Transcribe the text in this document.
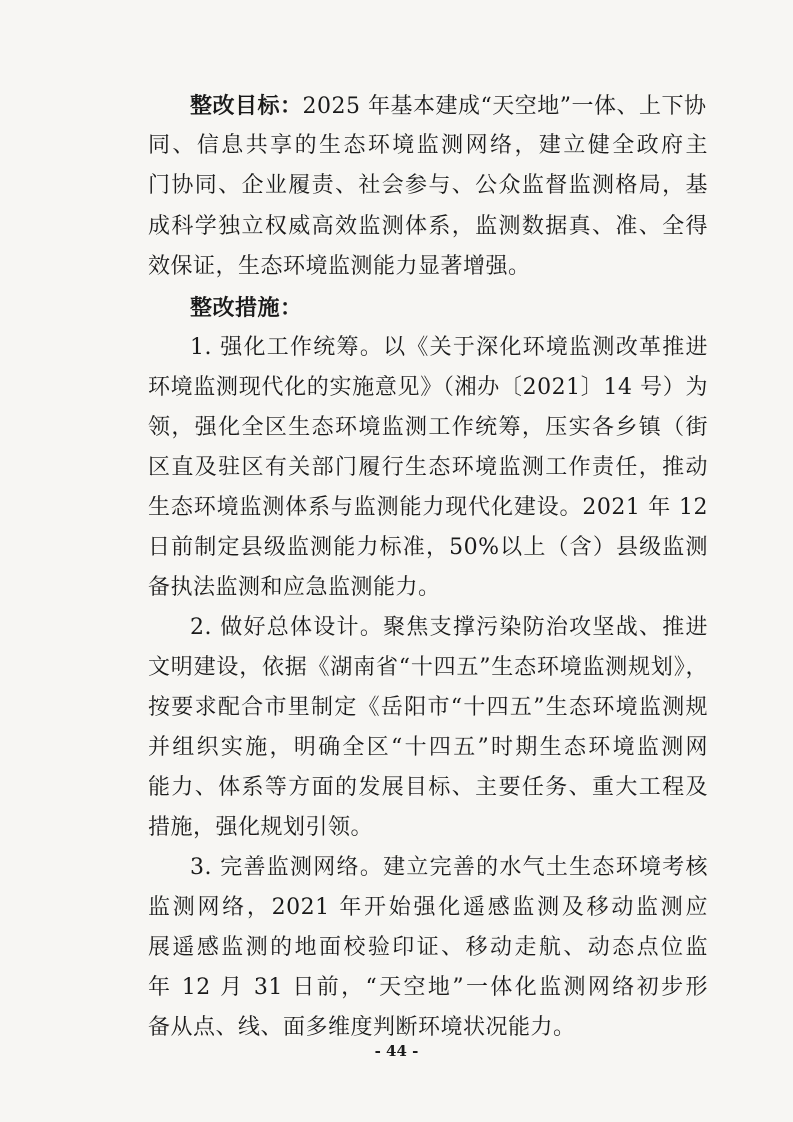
整改目标：2025 年基本建成“天空地”一体、上下协
同、信息共享的生态环境监测网络，建立健全政府主
门协同、企业履责、社会参与、公众监督监测格局，基
成科学独立权威高效监测体系，监测数据真、准、全得
效保证，生态环境监测能力显著增强。
整改措施：
1. 强化工作统筹。以《关于深化环境监测改革推进
环境监测现代化的实施意见》（湘办〔2021〕14 号）为
领，强化全区生态环境监测工作统筹，压实各乡镇（街
区直及驻区有关部门履行生态环境监测工作责任，推动
生态环境监测体系与监测能力现代化建设。2021 年 12
日前制定县级监测能力标准，50%以上（含）县级监测
备执法监测和应急监测能力。
2. 做好总体设计。聚焦支撑污染防治攻坚战、推进
文明建设，依据《湖南省“十四五”生态环境监测规划》，
按要求配合市里制定《岳阳市“十四五”生态环境监测规
并组织实施，明确全区“十四五”时期生态环境监测网
能力、体系等方面的发展目标、主要任务、重大工程及
措施，强化规划引领。
3. 完善监测网络。建立完善的水气土生态环境考核
监测网络，2021 年开始强化遥感监测及移动监测应
展遥感监测的地面校验印证、移动走航、动态点位监
年 12 月 31 日前，“天空地”一体化监测网络初步形
备从点、线、面多维度判断环境状况能力。
- 44 -
